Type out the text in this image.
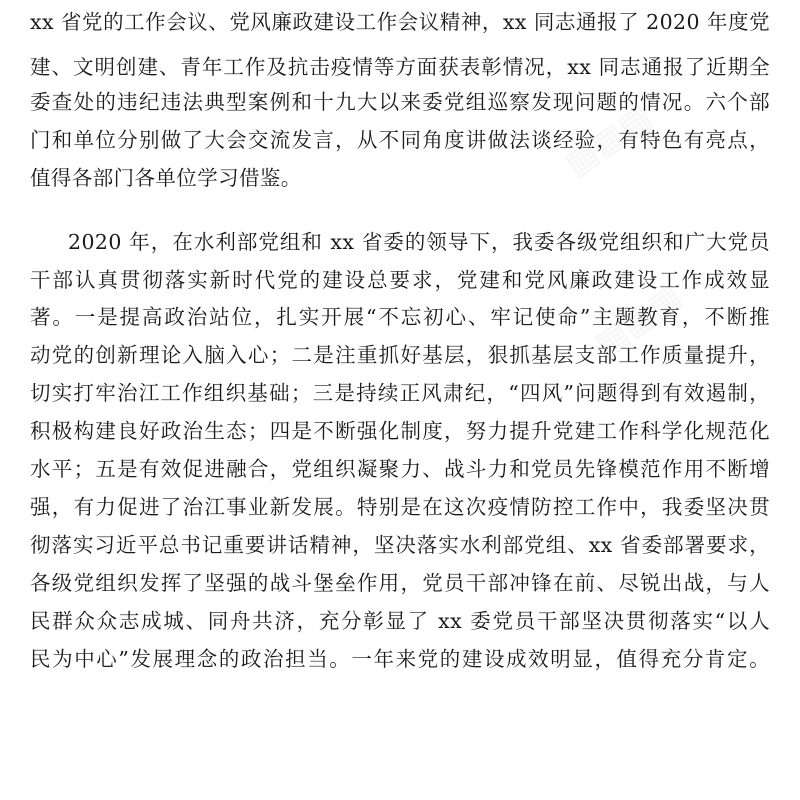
xx 省党的工作会议、党风廉政建设工作会议精神，xx 同志通报了 2020 年度党
建、文明创建、青年工作及抗击疫情等方面获表彰情况，xx 同志通报了近期全
委查处的违纪违法典型案例和十九大以来委党组巡察发现问题的情况。六个部
门和单位分别做了大会交流发言，从不同角度讲做法谈经验，有特色有亮点，
值得各部门各单位学习借鉴。
2020 年，在水利部党组和 xx 省委的领导下，我委各级党组织和广大党员
干部认真贯彻落实新时代党的建设总要求，党建和党风廉政建设工作成效显
著。一是提高政治站位，扎实开展“不忘初心、牢记使命”主题教育，不断推
动党的创新理论入脑入心；二是注重抓好基层，狠抓基层支部工作质量提升，
切实打牢治江工作组织基础；三是持续正风肃纪，“四风”问题得到有效遏制，
积极构建良好政治生态；四是不断强化制度，努力提升党建工作科学化规范化
水平；五是有效促进融合，党组织凝聚力、战斗力和党员先锋模范作用不断增
强，有力促进了治江事业新发展。特别是在这次疫情防控工作中，我委坚决贯
彻落实习近平总书记重要讲话精神，坚决落实水利部党组、xx 省委部署要求，
各级党组织发挥了坚强的战斗堡垒作用，党员干部冲锋在前、尽锐出战，与人
民群众众志成城、同舟共济，充分彰显了 xx 委党员干部坚决贯彻落实“以人
民为中心”发展理念的政治担当。一年来党的建设成效明显，值得充分肯定。
